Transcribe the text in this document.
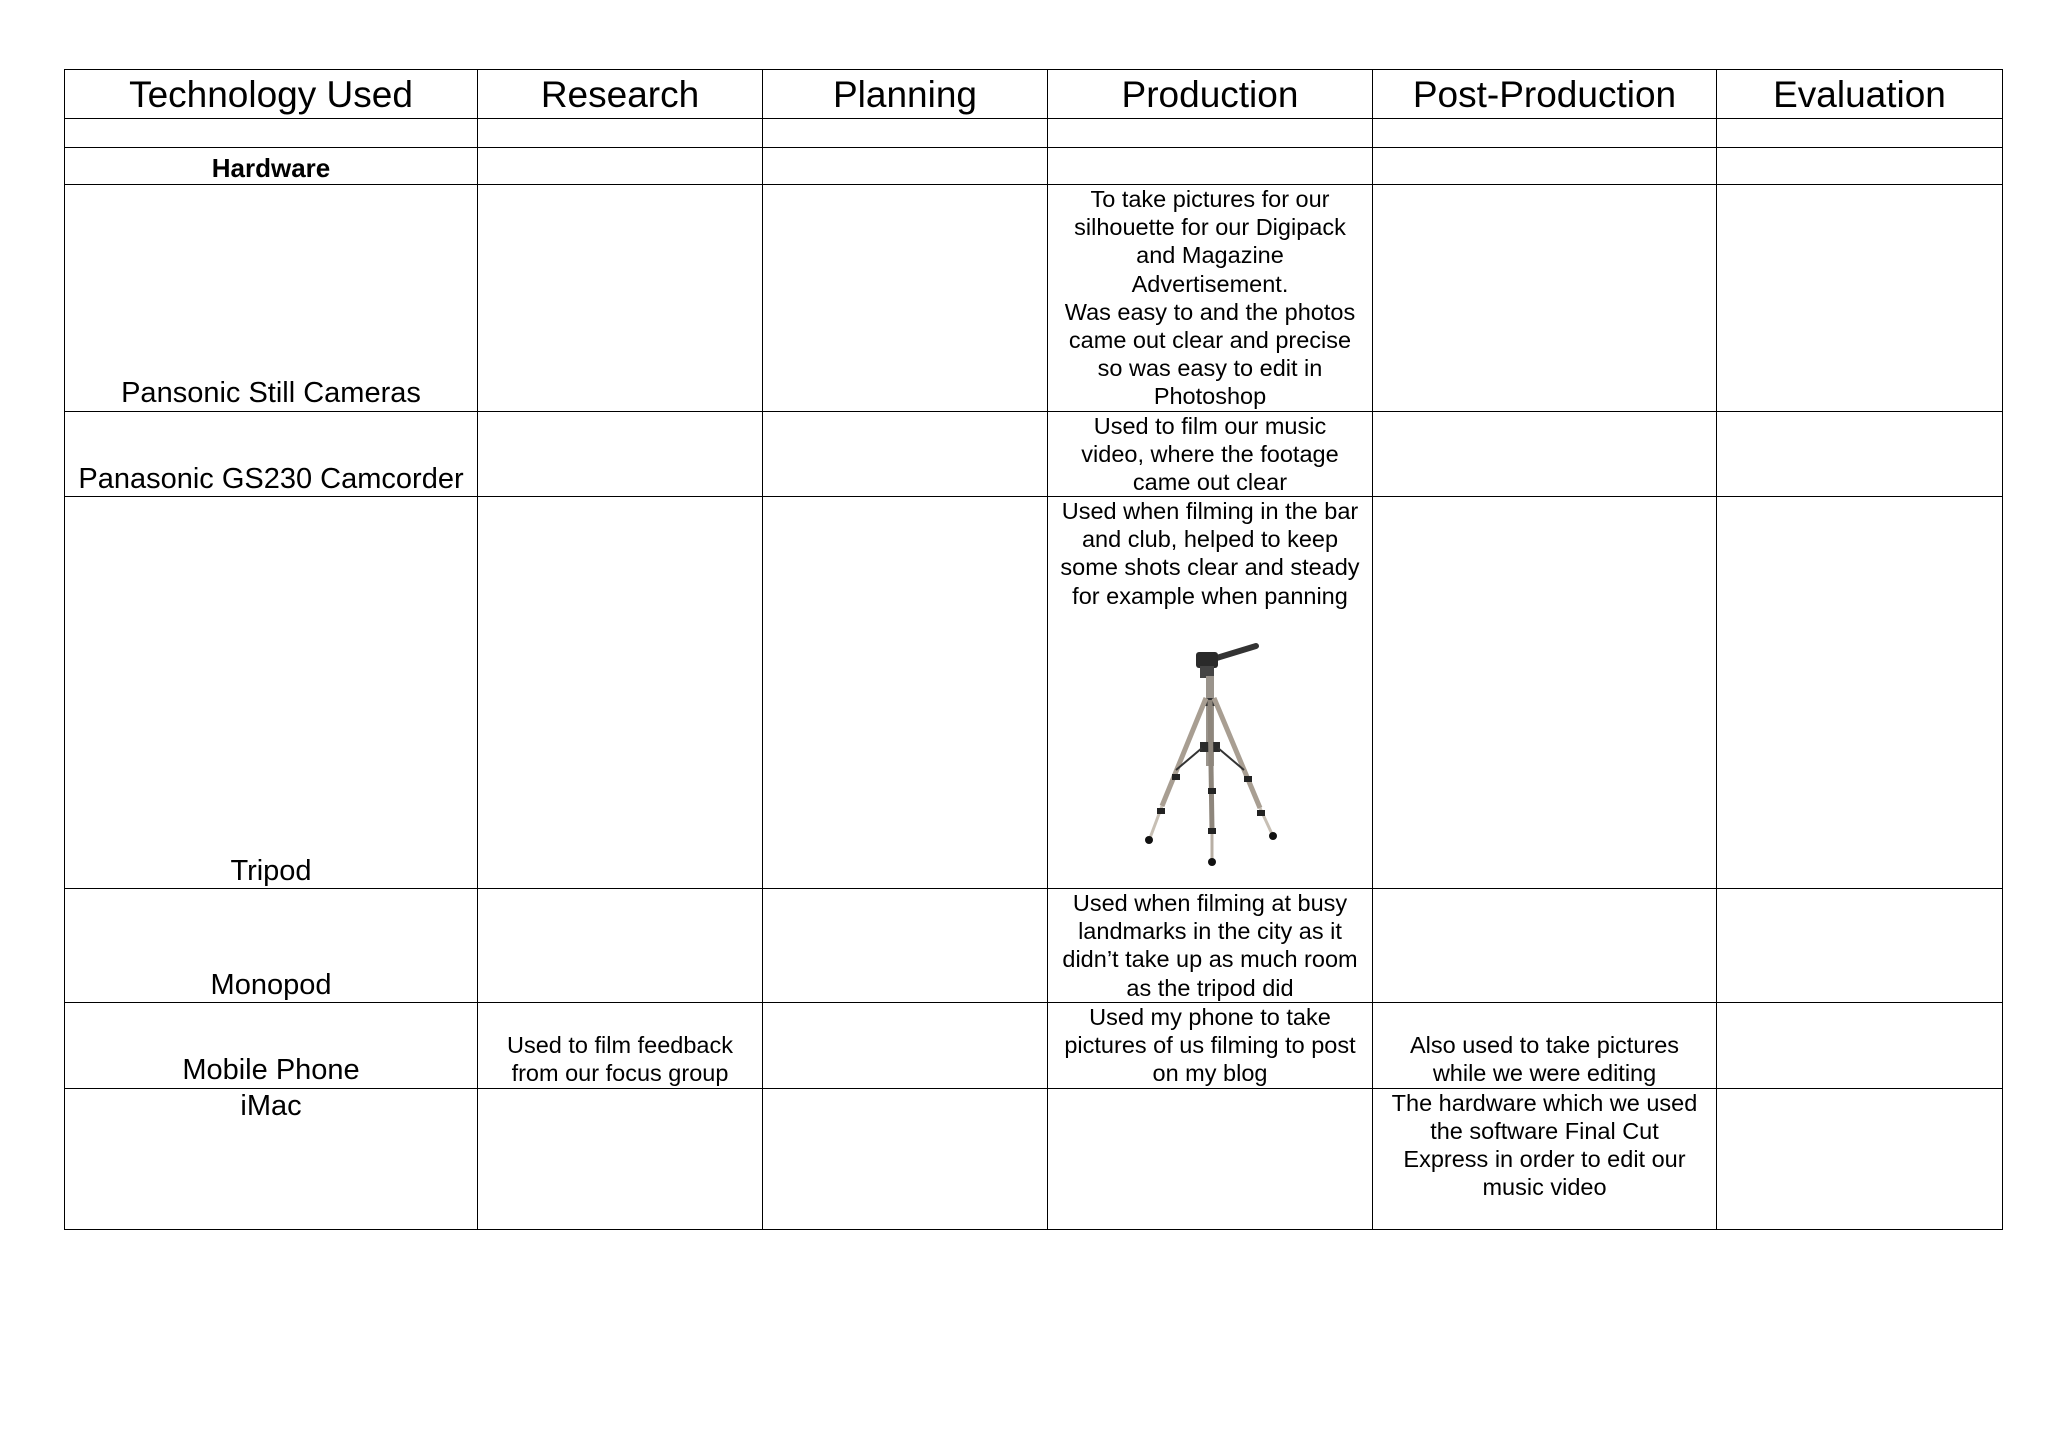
Technology Used	Research	Planning	Production	Post-Production	Evaluation

Hardware					
Pansonic Still Cameras			To take pictures for our silhouette for our Digipack and Magazine Advertisement.
Was easy to and the photos came out clear and precise so was easy to edit in Photoshop		
Panasonic GS230 Camcorder			Used to film our music video, where the footage came out clear		
Tripod			Used when filming in the bar and club, helped to keep some shots clear and steady for example when panning		

Monopod			Used when filming at busy landmarks in the city as it didn’t take up as much room as the tripod did		
Mobile Phone	Used to film feedback from our focus group		Used my phone to take pictures of us filming to post on my blog	Also used to take pictures while we were editing	
iMac				The hardware which we used the software Final Cut Express in order to edit our music video	
